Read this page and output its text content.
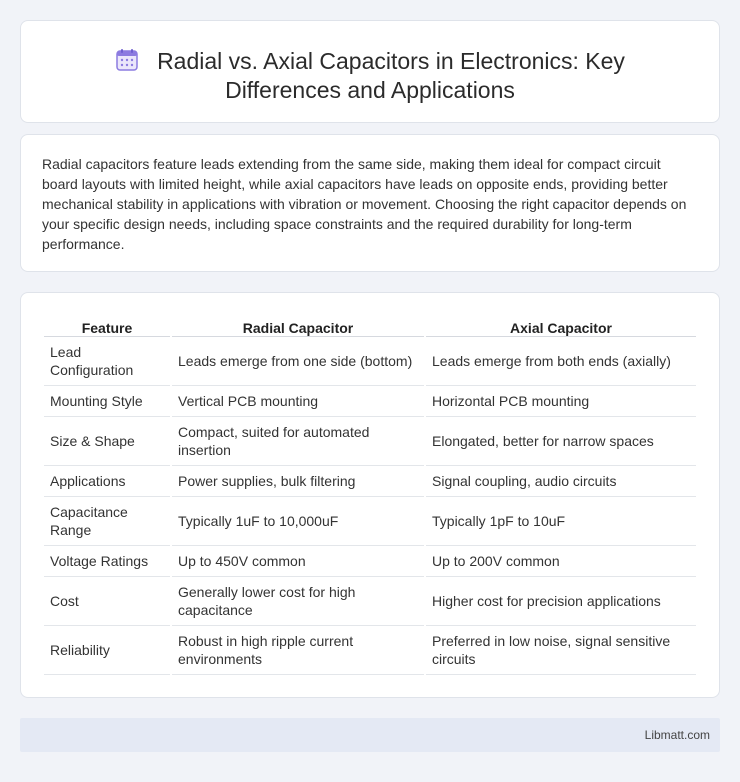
Radial vs. Axial Capacitors in Electronics: Key
Differences and Applications

Radial capacitors feature leads extending from the same side, making them ideal for compact circuit board layouts with limited height, while axial capacitors have leads on opposite ends, providing better mechanical stability in applications with vibration or movement. Choosing the right capacitor depends on your specific design needs, including space constraints and the required durability for long-term performance.

Feature	Radial Capacitor	Axial Capacitor
Lead Configuration	Leads emerge from one side (bottom)	Leads emerge from both ends (axially)
Mounting Style	Vertical PCB mounting	Horizontal PCB mounting
Size & Shape	Compact, suited for automated insertion	Elongated, better for narrow spaces
Applications	Power supplies, bulk filtering	Signal coupling, audio circuits
Capacitance Range	Typically 1uF to 10,000uF	Typically 1pF to 10uF
Voltage Ratings	Up to 450V common	Up to 200V common
Cost	Generally lower cost for high capacitance	Higher cost for precision applications
Reliability	Robust in high ripple current environments	Preferred in low noise, signal sensitive circuits
Libmatt.com
